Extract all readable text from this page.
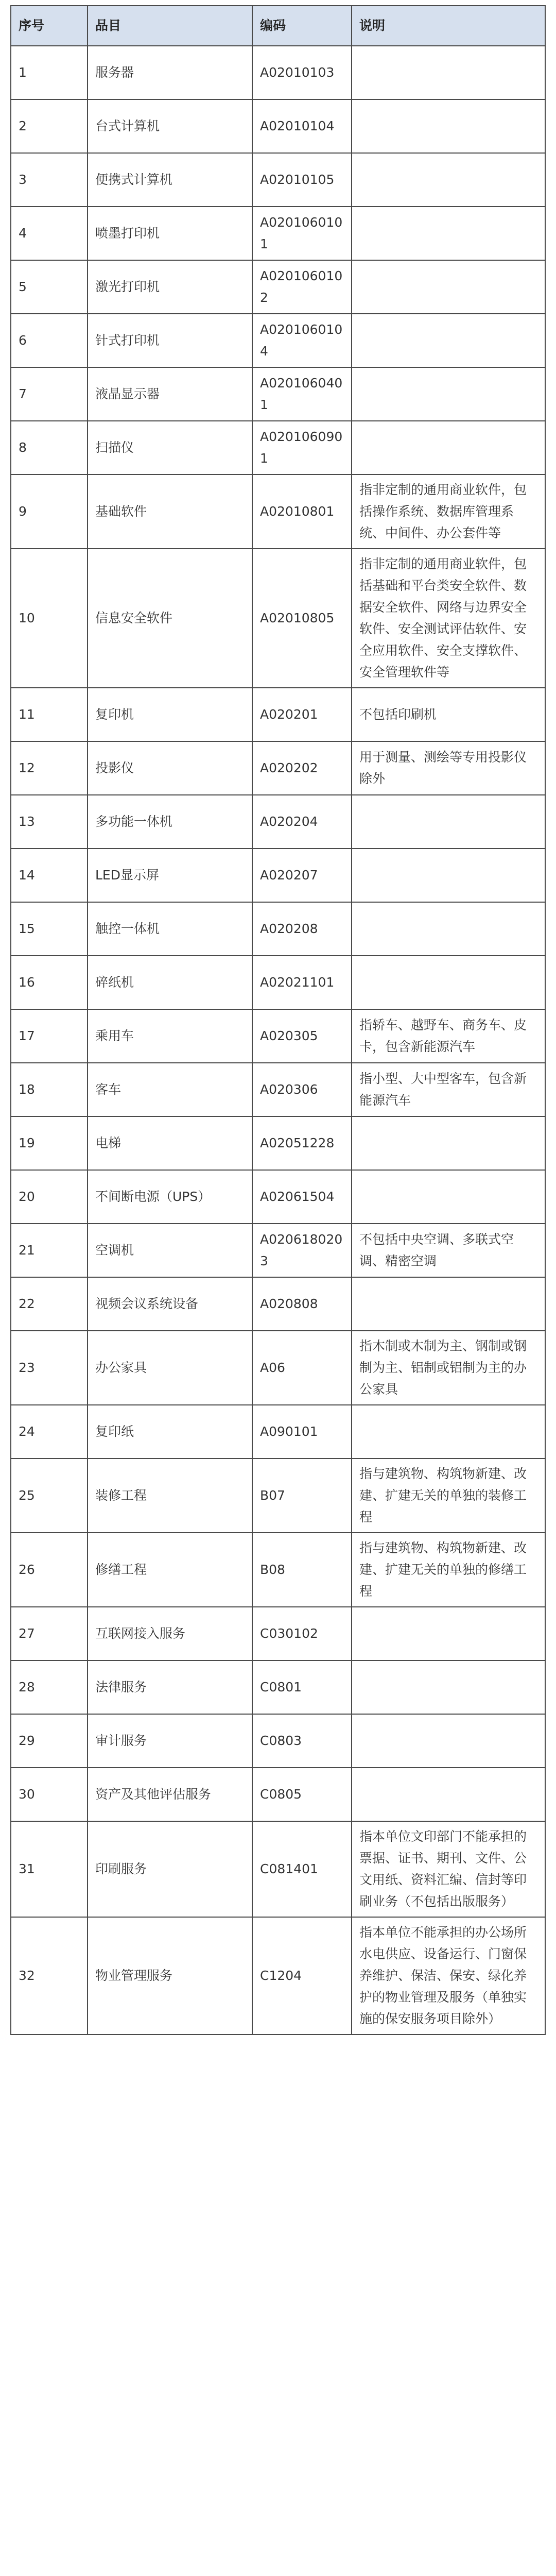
序号	品目	编码	说明
1	服务器	A02010103	
2	台式计算机	A02010104	
3	便携式计算机	A02010105	
4	喷墨打印机	A0201060101	
5	激光打印机	A0201060102	
6	针式打印机	A0201060104	
7	液晶显示器	A0201060401	
8	扫描仪	A0201060901	
9	基础软件	A02010801	指非定制的通用商业软件，包括操作系统、数据库管理系统、中间件、办公套件等
10	信息安全软件	A02010805	指非定制的通用商业软件，包括基础和平台类安全软件、数据安全软件、网络与边界安全软件、安全测试评估软件、安全应用软件、安全支撑软件、安全管理软件等
11	复印机	A020201	不包括印刷机
12	投影仪	A020202	用于测量、测绘等专用投影仪除外
13	多功能一体机	A020204	
14	LED显示屏	A020207	
15	触控一体机	A020208	
16	碎纸机	A02021101	
17	乘用车	A020305	指轿车、越野车、商务车、皮卡，包含新能源汽车
18	客车	A020306	指小型、大中型客车，包含新能源汽车
19	电梯	A02051228	
20	不间断电源（UPS）	A02061504	
21	空调机	A0206180203	不包括中央空调、多联式空调、精密空调
22	视频会议系统设备	A020808	
23	办公家具	A06	指木制或木制为主、钢制或钢制为主、铝制或铝制为主的办公家具
24	复印纸	A090101	
25	装修工程	B07	指与建筑物、构筑物新建、改建、扩建无关的单独的装修工程
26	修缮工程	B08	指与建筑物、构筑物新建、改建、扩建无关的单独的修缮工程
27	互联网接入服务	C030102	
28	法律服务	C0801	
29	审计服务	C0803	
30	资产及其他评估服务	C0805	
31	印刷服务	C081401	指本单位文印部门不能承担的票据、证书、期刊、文件、公文用纸、资料汇编、信封等印刷业务（不包括出版服务）
32	物业管理服务	C1204	指本单位不能承担的办公场所水电供应、设备运行、门窗保养维护、保洁、保安、绿化养护的物业管理及服务（单独实施的保安服务项目除外）
